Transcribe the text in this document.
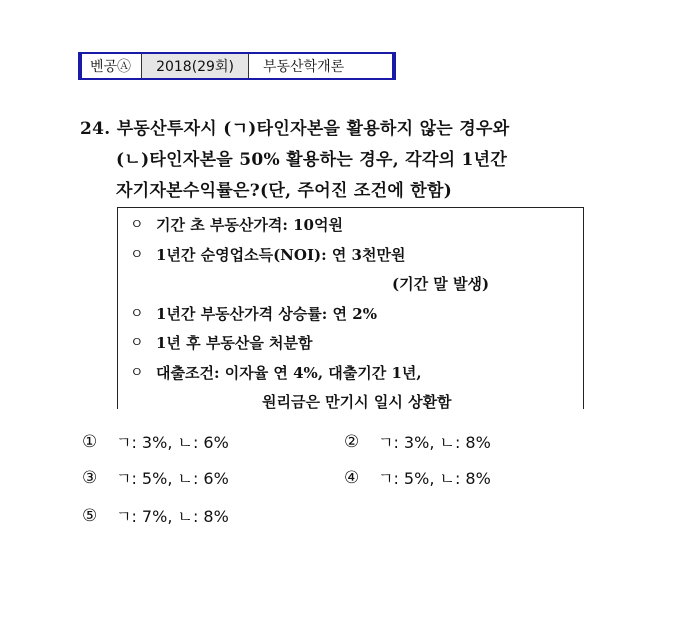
벤공Ⓐ	2018(29회)	부동산학개론
24. 부동산투자시 (ㄱ)타인자본을 활용하지 않는 경우와
(ㄴ)타인자본을 50% 활용하는 경우, 각각의 1년간
자기자본수익률은?(단, 주어진 조건에 한함)
ㅇ 기간 초 부동산가격: 10억원
ㅇ 1년간 순영업소득(NOI): 연 3천만원
(기간 말 발생)
ㅇ 1년간 부동산가격 상승률: 연 2%
ㅇ 1년 후 부동산을 처분함
ㅇ 대출조건: 이자율 연 4%, 대출기간 1년,
원리금은 만기시 일시 상환함
①	ㄱ: 3%, ㄴ: 6%	②	ㄱ: 3%, ㄴ: 8%
③	ㄱ: 5%, ㄴ: 6%	④	ㄱ: 5%, ㄴ: 8%
⑤	ㄱ: 7%, ㄴ: 8%
